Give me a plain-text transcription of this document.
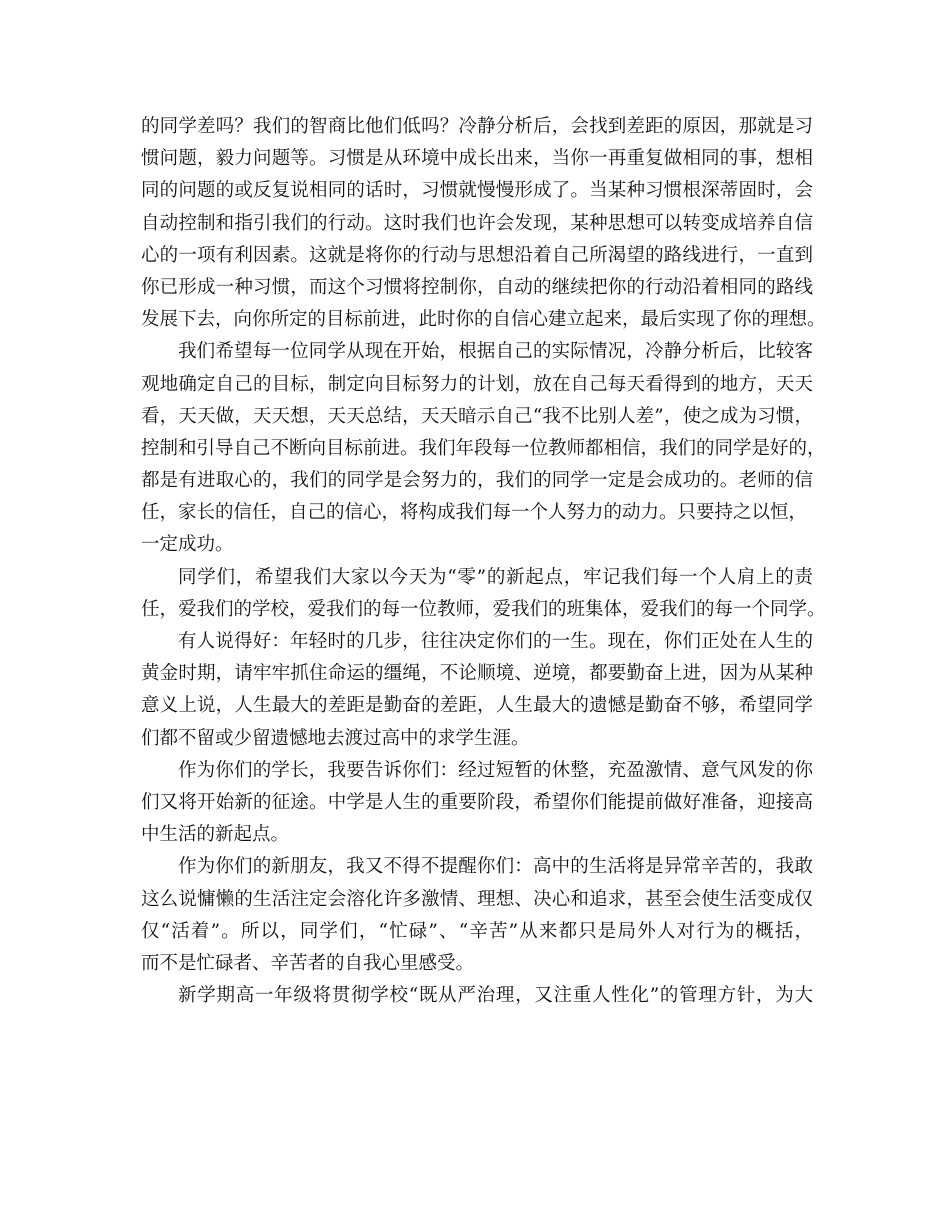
的同学差吗？我们的智商比他们低吗？冷静分析后，会找到差距的原因，那就是习
惯问题，毅力问题等。习惯是从环境中成长出来，当你一再重复做相同的事，想相
同的问题的或反复说相同的话时，习惯就慢慢形成了。当某种习惯根深蒂固时，会
自动控制和指引我们的行动。这时我们也许会发现，某种思想可以转变成培养自信
心的一项有利因素。这就是将你的行动与思想沿着自己所渴望的路线进行，一直到
你已形成一种习惯，而这个习惯将控制你，自动的继续把你的行动沿着相同的路线
发展下去，向你所定的目标前进，此时你的自信心建立起来，最后实现了你的理想。
我们希望每一位同学从现在开始，根据自己的实际情况，冷静分析后，比较客
观地确定自己的目标，制定向目标努力的计划，放在自己每天看得到的地方，天天
看，天天做，天天想，天天总结，天天暗示自己“我不比别人差”，使之成为习惯，
控制和引导自己不断向目标前进。我们年段每一位教师都相信，我们的同学是好的，
都是有进取心的，我们的同学是会努力的，我们的同学一定是会成功的。老师的信
任，家长的信任，自己的信心，将构成我们每一个人努力的动力。只要持之以恒，
一定成功。
同学们，希望我们大家以今天为“零”的新起点，牢记我们每一个人肩上的责
任，爱我们的学校，爱我们的每一位教师，爱我们的班集体，爱我们的每一个同学。
有人说得好：年轻时的几步，往往决定你们的一生。现在，你们正处在人生的
黄金时期，请牢牢抓住命运的缰绳，不论顺境、逆境，都要勤奋上进，因为从某种
意义上说，人生最大的差距是勤奋的差距，人生最大的遗憾是勤奋不够，希望同学
们都不留或少留遗憾地去渡过高中的求学生涯。
作为你们的学长，我要告诉你们：经过短暂的休整，充盈激情、意气风发的你
们又将开始新的征途。中学是人生的重要阶段，希望你们能提前做好准备，迎接高
中生活的新起点。
作为你们的新朋友，我又不得不提醒你们：高中的生活将是异常辛苦的，我敢
这么说慵懒的生活注定会溶化许多激情、理想、决心和追求，甚至会使生活变成仅
仅“活着”。所以，同学们，“忙碌”、“辛苦”从来都只是局外人对行为的概括，
而不是忙碌者、辛苦者的自我心里感受。
新学期高一年级将贯彻学校“既从严治理，又注重人性化”的管理方针，为大
